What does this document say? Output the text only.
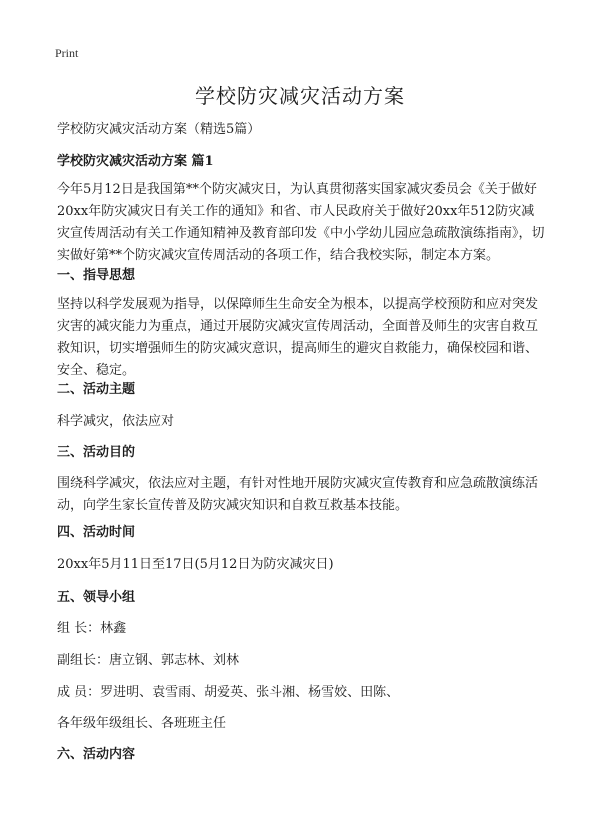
Print
学校防灾减灾活动方案
学校防灾减灾活动方案（精选5篇）
学校防灾减灾活动方案 篇1
今年5月12日是我国第**个防灾减灾日，为认真贯彻落实国家减灾委员会《关于做好20xx年防灾减灾日有关工作的通知》和省、市人民政府关于做好20xx年512防灾减灾宣传周活动有关工作通知精神及教育部印发《中小学幼儿园应急疏散演练指南》，切实做好第**个防灾减灾宣传周活动的各项工作，结合我校实际，制定本方案。
一、指导思想
坚持以科学发展观为指导，以保障师生生命安全为根本，以提高学校预防和应对突发灾害的减灾能力为重点，通过开展防灾减灾宣传周活动，全面普及师生的灾害自救互救知识，切实增强师生的防灾减灾意识，提高师生的避灾自救能力，确保校园和谐、安全、稳定。
二、活动主题
科学减灾，依法应对
三、活动目的
围绕科学减灾，依法应对主题，有针对性地开展防灾减灾宣传教育和应急疏散演练活动，向学生家长宣传普及防灾减灾知识和自救互救基本技能。
四、活动时间
20xx年5月11日至17日(5月12日为防灾减灾日)
五、领导小组
组 长：林鑫
副组长：唐立钢、郭志林、刘林
成 员：罗进明、袁雪雨、胡爱英、张斗湘、杨雪姣、田陈、
各年级年级组长、各班班主任
六、活动内容
